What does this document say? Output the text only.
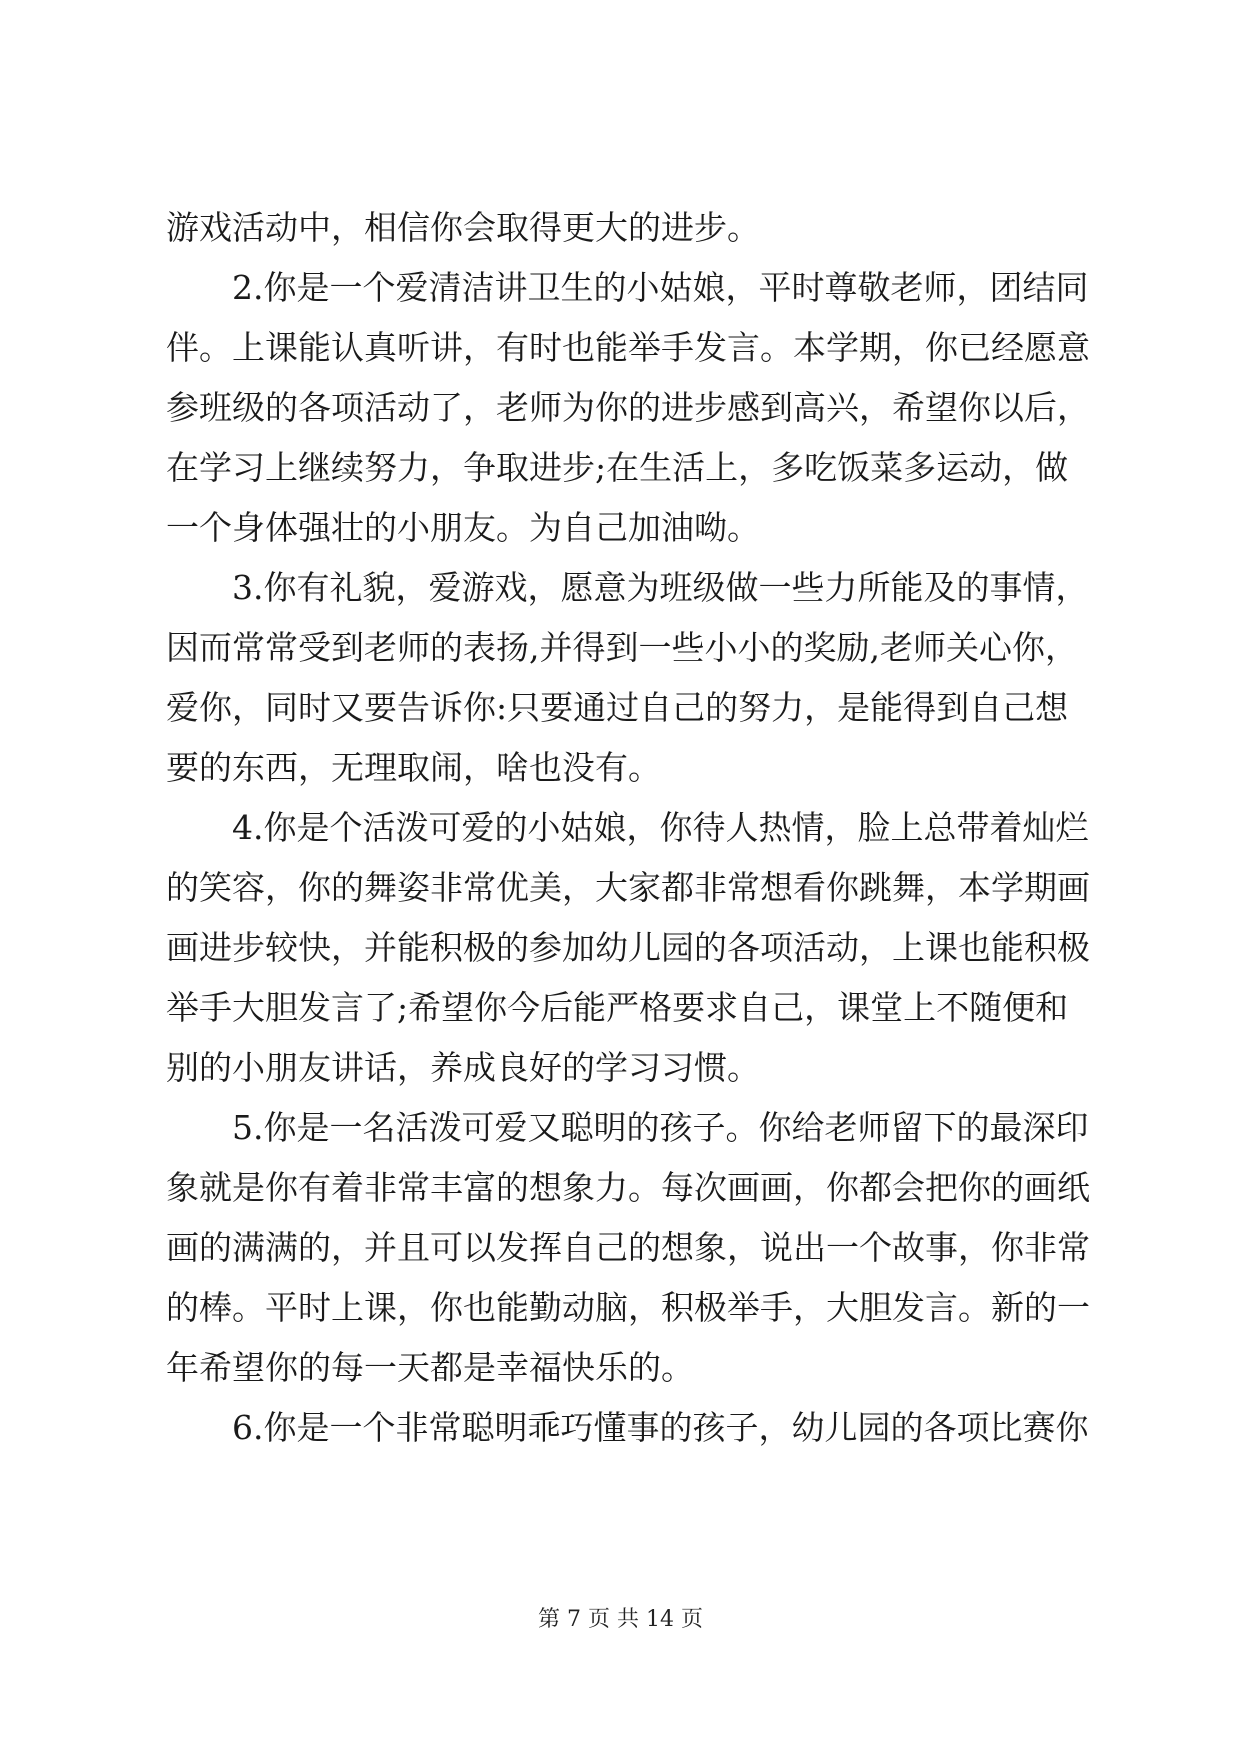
游戏活动中，相信你会取得更大的进步。
　　2.你是一个爱清洁讲卫生的小姑娘，平时尊敬老师，团结同
伴。上课能认真听讲，有时也能举手发言。本学期，你已经愿意
参班级的各项活动了，老师为你的进步感到高兴，希望你以后，
在学习上继续努力，争取进步;在生活上，多吃饭菜多运动，做
一个身体强壮的小朋友。为自己加油呦。
　　3.你有礼貌，爱游戏，愿意为班级做一些力所能及的事情，
因而常常受到老师的表扬,并得到一些小小的奖励,老师关心你，
爱你，同时又要告诉你:只要通过自己的努力，是能得到自己想
要的东西，无理取闹，啥也没有。
　　4.你是个活泼可爱的小姑娘，你待人热情，脸上总带着灿烂
的笑容，你的舞姿非常优美，大家都非常想看你跳舞，本学期画
画进步较快，并能积极的参加幼儿园的各项活动，上课也能积极
举手大胆发言了;希望你今后能严格要求自己，课堂上不随便和
别的小朋友讲话，养成良好的学习习惯。
　　5.你是一名活泼可爱又聪明的孩子。你给老师留下的最深印
象就是你有着非常丰富的想象力。每次画画，你都会把你的画纸
画的满满的，并且可以发挥自己的想象，说出一个故事，你非常
的棒。平时上课，你也能勤动脑，积极举手，大胆发言。新的一
年希望你的每一天都是幸福快乐的。
　　6.你是一个非常聪明乖巧懂事的孩子，幼儿园的各项比赛你
第 7 页 共 14 页
